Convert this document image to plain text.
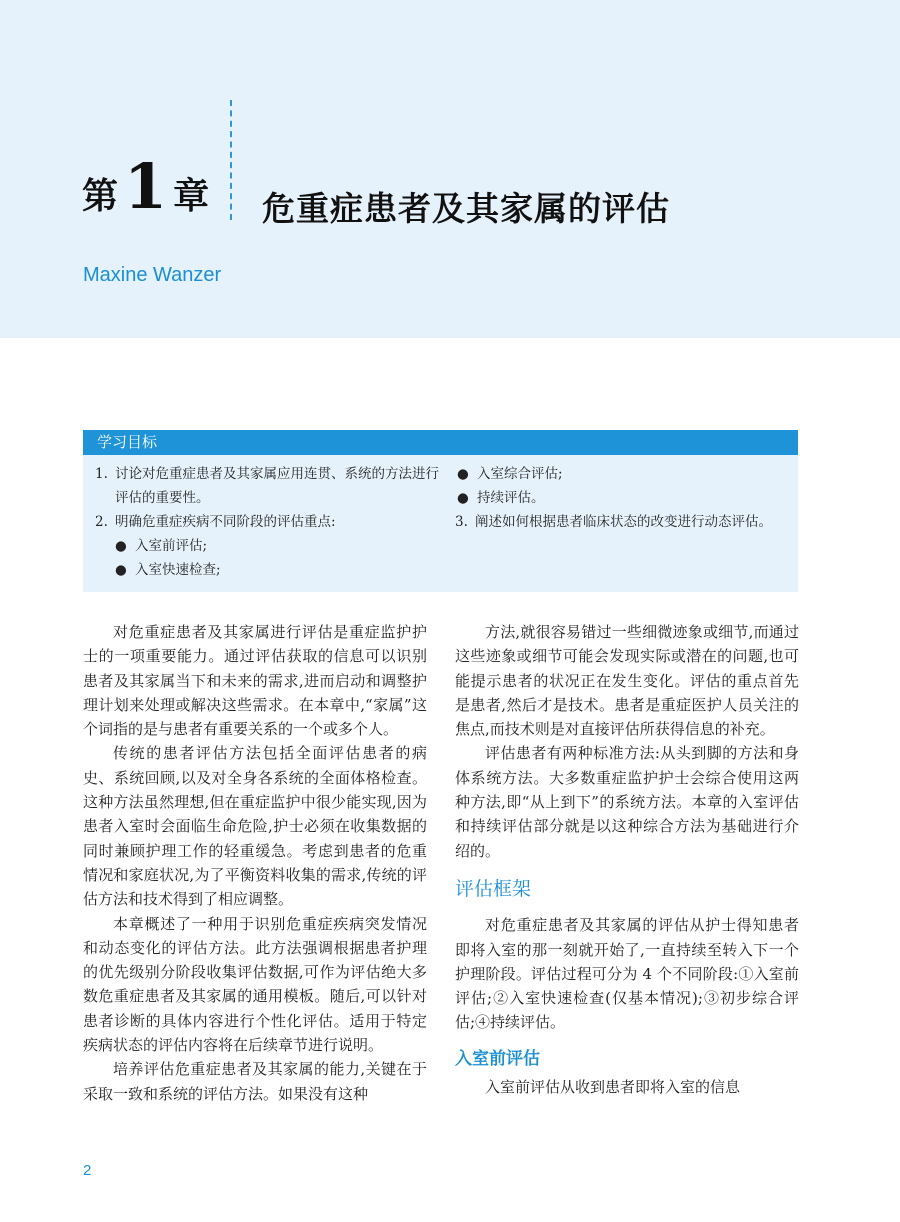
第 1 章 危重症患者及其家属的评估
Maxine Wanzer
学习目标
1. 讨论对危重症患者及其家属应用连贯、系统的方法进行评估的重要性。
2. 明确危重症疾病不同阶段的评估重点:
● 入室前评估;
● 入室快速检查;
● 入室综合评估;
● 持续评估。
3. 阐述如何根据患者临床状态的改变进行动态评估。

对危重症患者及其家属进行评估是重症监护护士的一项重要能力。通过评估获取的信息可以识别患者及其家属当下和未来的需求,进而启动和调整护理计划来处理或解决这些需求。在本章中,“家属”这个词指的是与患者有重要关系的一个或多个人。

传统的患者评估方法包括全面评估患者的病史、系统回顾,以及对全身各系统的全面体格检查。这种方法虽然理想,但在重症监护中很少能实现,因为患者入室时会面临生命危险,护士必须在收集数据的同时兼顾护理工作的轻重缓急。考虑到患者的危重情况和家庭状况,为了平衡资料收集的需求,传统的评估方法和技术得到了相应调整。

本章概述了一种用于识别危重症疾病突发情况和动态变化的评估方法。此方法强调根据患者护理的优先级别分阶段收集评估数据,可作为评估绝大多数危重症患者及其家属的通用模板。随后,可以针对患者诊断的具体内容进行个性化评估。适用于特定疾病状态的评估内容将在后续章节进行说明。

培养评估危重症患者及其家属的能力,关键在于采取一致和系统的评估方法。如果没有这种

方法,就很容易错过一些细微迹象或细节,而通过这些迹象或细节可能会发现实际或潜在的问题,也可能提示患者的状况正在发生变化。评估的重点首先是患者,然后才是技术。患者是重症医护人员关注的焦点,而技术则是对直接评估所获得信息的补充。

评估患者有两种标准方法:从头到脚的方法和身体系统方法。大多数重症监护护士会综合使用这两种方法,即“从上到下”的系统方法。本章的入室评估和持续评估部分就是以这种综合方法为基础进行介绍的。

评估框架

对危重症患者及其家属的评估从护士得知患者即将入室的那一刻就开始了,一直持续至转入下一个护理阶段。评估过程可分为 4 个不同阶段:①入室前评估;②入室快速检查(仅基本情况);③初步综合评估;④持续评估。

入室前评估

入室前评估从收到患者即将入室的信息

2
